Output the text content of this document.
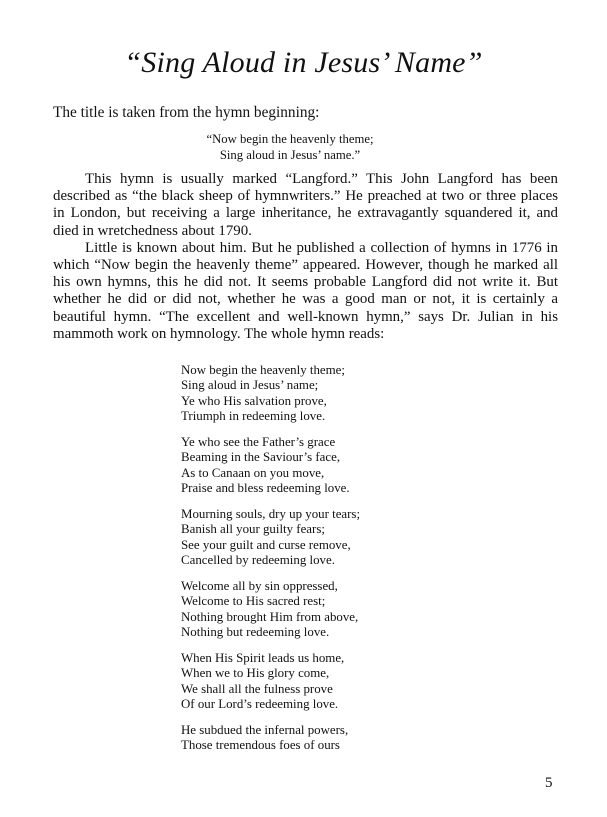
“Sing Aloud in Jesus’ Name”
The title is taken from the hymn beginning:
“Now begin the heavenly theme;
Sing aloud in Jesus’ name.”

This hymn is usually marked “Langford.” This John Langford has been described as “the black sheep of hymnwriters.” He preached at two or three places in London, but receiving a large inheritance, he extravagantly squandered it, and died in wretchedness about 1790.

Little is known about him. But he published a collection of hymns in 1776 in which “Now begin the heavenly theme” appeared. However, though he marked all his own hymns, this he did not. It seems probable Langford did not write it. But whether he did or did not, whether he was a good man or not, it is certainly a beautiful hymn. “The excellent and well-known hymn,” says Dr. Julian in his mammoth work on hymnology. The whole hymn reads:

Now begin the heavenly theme;
Sing aloud in Jesus’ name;
Ye who His salvation prove,
Triumph in redeeming love.
Ye who see the Father’s grace
Beaming in the Saviour’s face,
As to Canaan on you move,
Praise and bless redeeming love.
Mourning souls, dry up your tears;
Banish all your guilty fears;
See your guilt and curse remove,
Cancelled by redeeming love.
Welcome all by sin oppressed,
Welcome to His sacred rest;
Nothing brought Him from above,
Nothing but redeeming love.
When His Spirit leads us home,
When we to His glory come,
We shall all the fulness prove
Of our Lord’s redeeming love.
He subdued the infernal powers,
Those tremendous foes of ours
5
